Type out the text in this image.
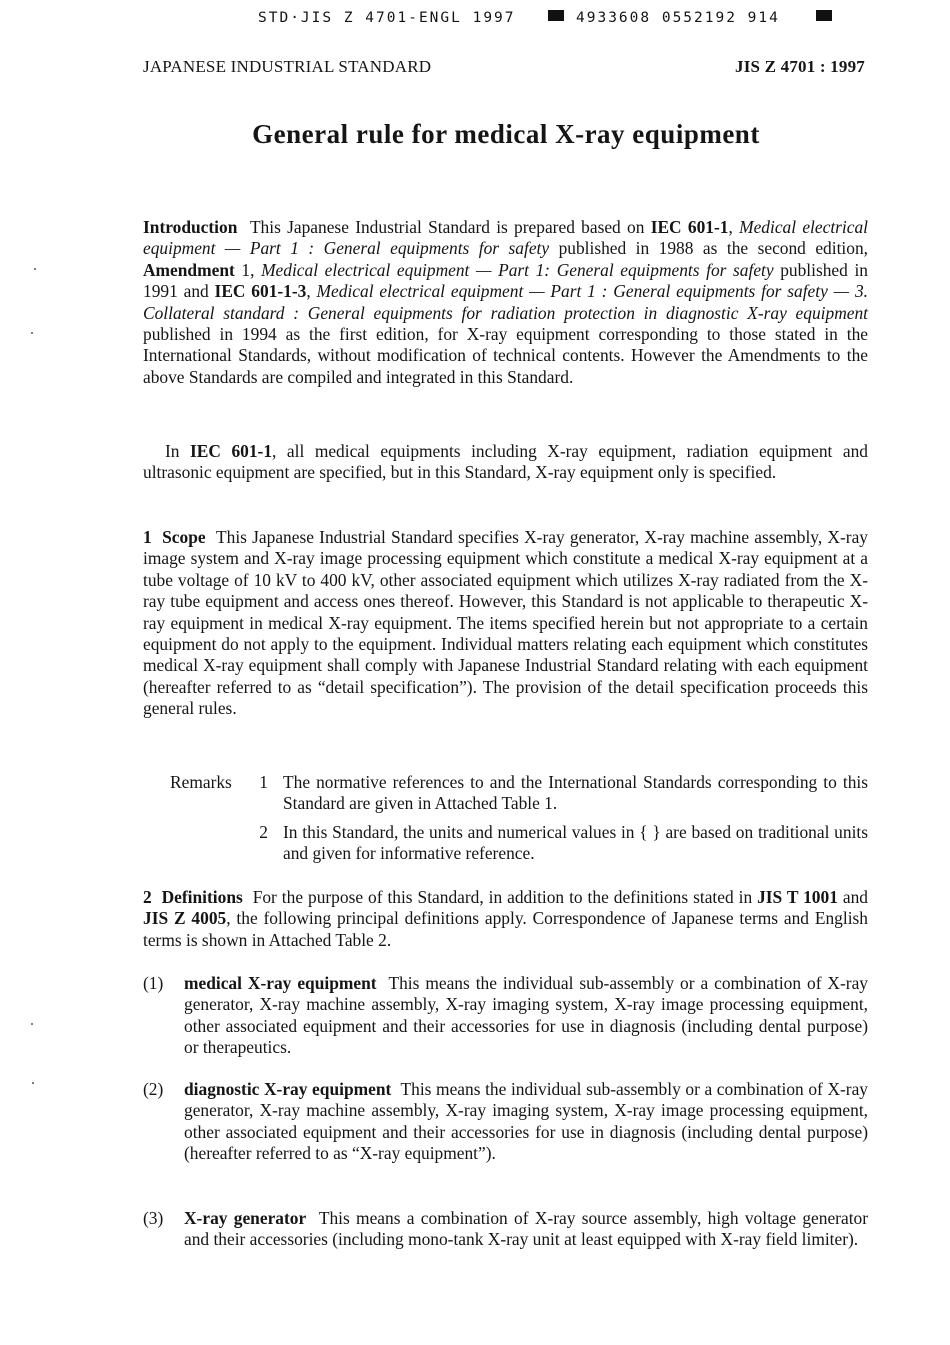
STD·JIS Z 4701-ENGL 1997	4933608 0552192 914
JAPANESE INDUSTRIAL STANDARD	JIS Z 4701 : 1997
General rule for medical X-ray equipment

Introduction This Japanese Industrial Standard is prepared based on IEC 601-1, Medical electrical equipment — Part 1 : General equipments for safety published in 1988 as the second edition, Amendment 1, Medical electrical equipment — Part 1: General equipments for safety published in 1991 and IEC 601-1-3, Medical electrical equipment — Part 1 : General equipments for safety — 3. Collateral standard : General equipments for radiation protection in diagnostic X-ray equipment published in 1994 as the first edition, for X-ray equipment corresponding to those stated in the International Standards, without modification of technical contents. However the Amendments to the above Standards are compiled and integrated in this Standard.

In IEC 601-1, all medical equipments including X-ray equipment, radiation equipment and ultrasonic equipment are specified, but in this Standard, X-ray equipment only is specified.

1 Scope This Japanese Industrial Standard specifies X-ray generator, X-ray machine assembly, X-ray image system and X-ray image processing equipment which constitute a medical X-ray equipment at a tube voltage of 10 kV to 400 kV, other associated equipment which utilizes X-ray radiated from the X-ray tube equipment and access ones thereof. However, this Standard is not applicable to therapeutic X-ray equipment in medical X-ray equipment. The items specified herein but not appropriate to a certain equipment do not apply to the equipment. Individual matters relating each equipment which constitutes medical X-ray equipment shall comply with Japanese Industrial Standard relating with each equipment (hereafter referred to as “detail specification”). The provision of the detail specification proceeds this general rules.

Remarks 1 The normative references to and the International Standards corresponding to this Standard are given in Attached Table 1.
2 In this Standard, the units and numerical values in { } are based on traditional units and given for informative reference.

2 Definitions For the purpose of this Standard, in addition to the definitions stated in JIS T 1001 and JIS Z 4005, the following principal definitions apply. Correspondence of Japanese terms and English terms is shown in Attached Table 2.

(1) medical X-ray equipment This means the individual sub-assembly or a combination of X-ray generator, X-ray machine assembly, X-ray imaging system, X-ray image processing equipment, other associated equipment and their accessories for use in diagnosis (including dental purpose) or therapeutics.
(2) diagnostic X-ray equipment This means the individual sub-assembly or a combination of X-ray generator, X-ray machine assembly, X-ray imaging system, X-ray image processing equipment, other associated equipment and their accessories for use in diagnosis (including dental purpose) (hereafter referred to as “X-ray equipment”).
(3) X-ray generator This means a combination of X-ray source assembly, high voltage generator and their accessories (including mono-tank X-ray unit at least equipped with X-ray field limiter).
